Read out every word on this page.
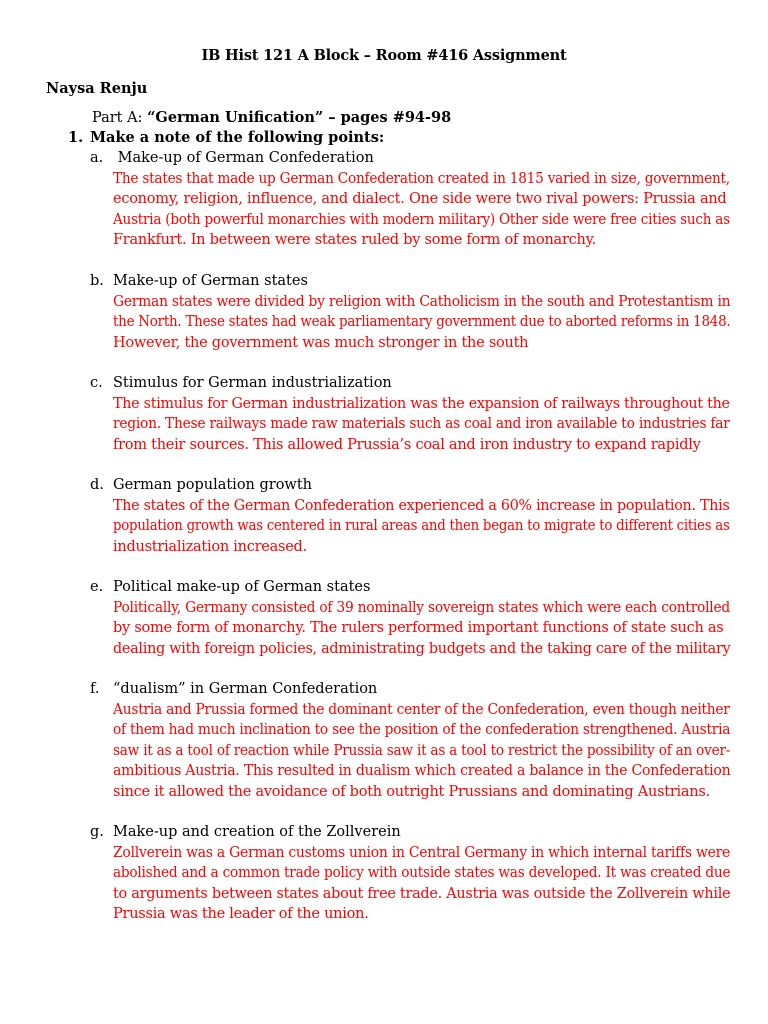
IB Hist 121 A Block – Room #416 Assignment
Naysa Renju
Part A: “German Unification” – pages #94-98
1. Make a note of the following points:
a. Make-up of German Confederation
The states that made up German Confederation created in 1815 varied in size, government,
economy, religion, influence, and dialect. One side were two rival powers: Prussia and
Austria (both powerful monarchies with modern military) Other side were free cities such as
Frankfurt. In between were states ruled by some form of monarchy.
b. Make-up of German states
German states were divided by religion with Catholicism in the south and Protestantism in
the North. These states had weak parliamentary government due to aborted reforms in 1848.
However, the government was much stronger in the south
c. Stimulus for German industrialization
The stimulus for German industrialization was the expansion of railways throughout the
region. These railways made raw materials such as coal and iron available to industries far
from their sources. This allowed Prussia’s coal and iron industry to expand rapidly
d. German population growth
The states of the German Confederation experienced a 60% increase in population. This
population growth was centered in rural areas and then began to migrate to different cities as
industrialization increased.
e. Political make-up of German states
Politically, Germany consisted of 39 nominally sovereign states which were each controlled
by some form of monarchy. The rulers performed important functions of state such as
dealing with foreign policies, administrating budgets and the taking care of the military
f. “dualism” in German Confederation
Austria and Prussia formed the dominant center of the Confederation, even though neither
of them had much inclination to see the position of the confederation strengthened. Austria
saw it as a tool of reaction while Prussia saw it as a tool to restrict the possibility of an over-
ambitious Austria. This resulted in dualism which created a balance in the Confederation
since it allowed the avoidance of both outright Prussians and dominating Austrians.
g. Make-up and creation of the Zollverein
Zollverein was a German customs union in Central Germany in which internal tariffs were
abolished and a common trade policy with outside states was developed. It was created due
to arguments between states about free trade. Austria was outside the Zollverein while
Prussia was the leader of the union.
